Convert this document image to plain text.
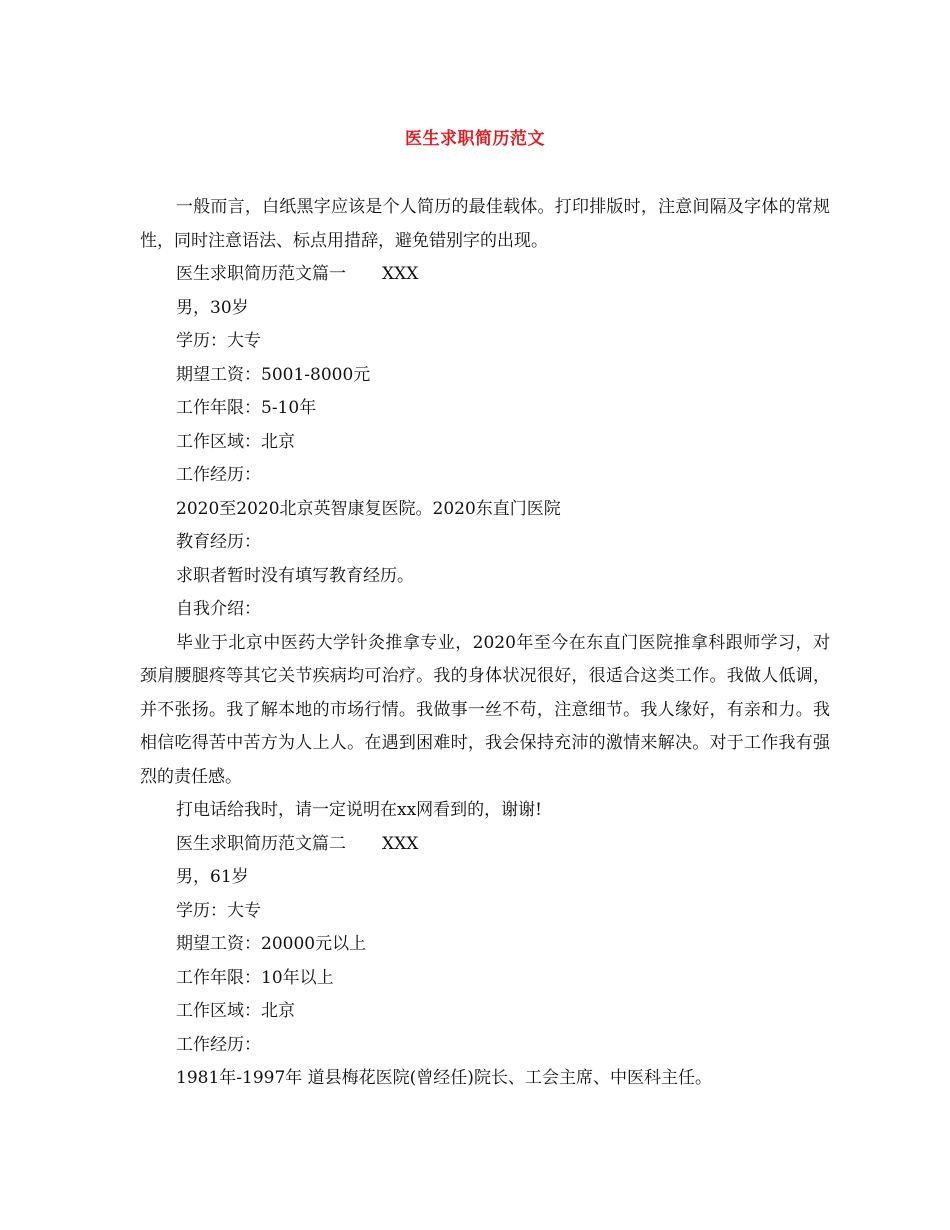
医生求职简历范文

一般而言，白纸黑字应该是个人简历的最佳载体。打印排版时，注意间隔及字体的常规性，同时注意语法、标点用措辞，避免错别字的出现。

医生求职简历范文篇一 XXX

男，30岁

学历：大专

期望工资：5001-8000元

工作年限：5-10年

工作区域：北京

工作经历：

2020至2020北京英智康复医院。2020东直门医院

教育经历：

求职者暂时没有填写教育经历。

自我介绍：

毕业于北京中医药大学针灸推拿专业，2020年至今在东直门医院推拿科跟师学习，对颈肩腰腿疼等其它关节疾病均可治疗。我的身体状况很好，很适合这类工作。我做人低调，并不张扬。我了解本地的市场行情。我做事一丝不苟，注意细节。我人缘好，有亲和力。我相信吃得苦中苦方为人上人。在遇到困难时，我会保持充沛的激情来解决。对于工作我有强烈的责任感。

打电话给我时，请一定说明在xx网看到的，谢谢!

医生求职简历范文篇二 XXX

男，61岁

学历：大专

期望工资：20000元以上

工作年限：10年以上

工作区域：北京

工作经历：

1981年-1997年 道县梅花医院(曾经任)院长、工会主席、中医科主任。
